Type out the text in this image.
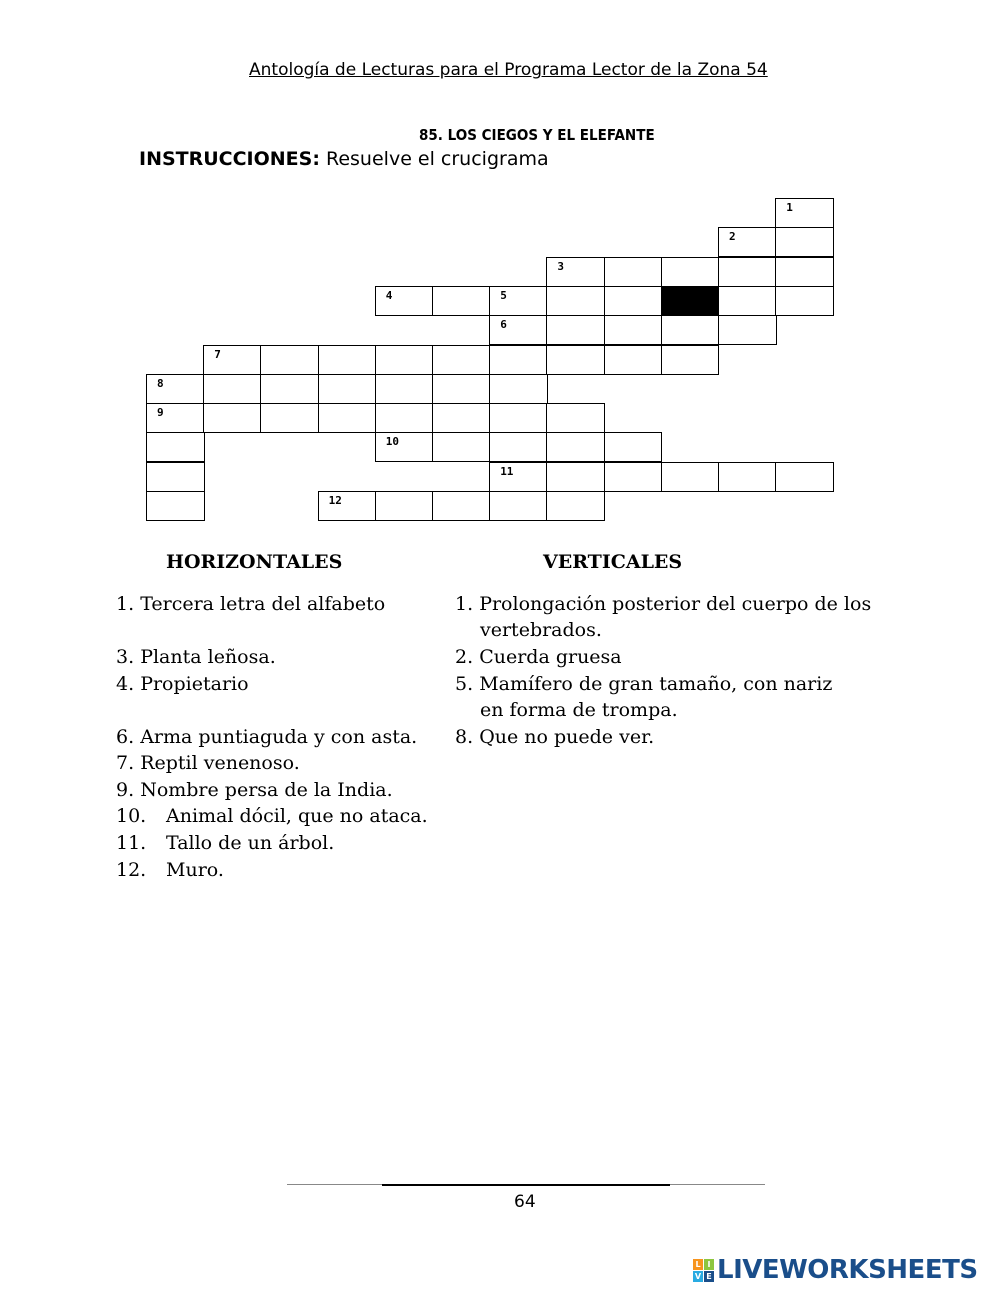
Antología de Lecturas para el Programa Lector de la Zona 54
85. LOS CIEGOS Y EL ELEFANTE
INSTRUCCIONES: Resuelve el crucigrama
1
2
3
4	5
6
7
8
9
10
11
12
HORIZONTALES	VERTICALES
1. Tercera letra del alfabeto
3. Planta leñosa.
4. Propietario
6. Arma puntiaguda y con asta.
7. Reptil venenoso.
9. Nombre persa de la India.
10. Animal dócil, que no ataca.
11. Tallo de un árbol.
12. Muro.
1. Prolongación posterior del cuerpo de los
vertebrados.
2. Cuerda gruesa
5. Mamífero de gran tamaño, con nariz
en forma de trompa.
8. Que no puede ver.
64
L I
V E LIVEWORKSHEETS
